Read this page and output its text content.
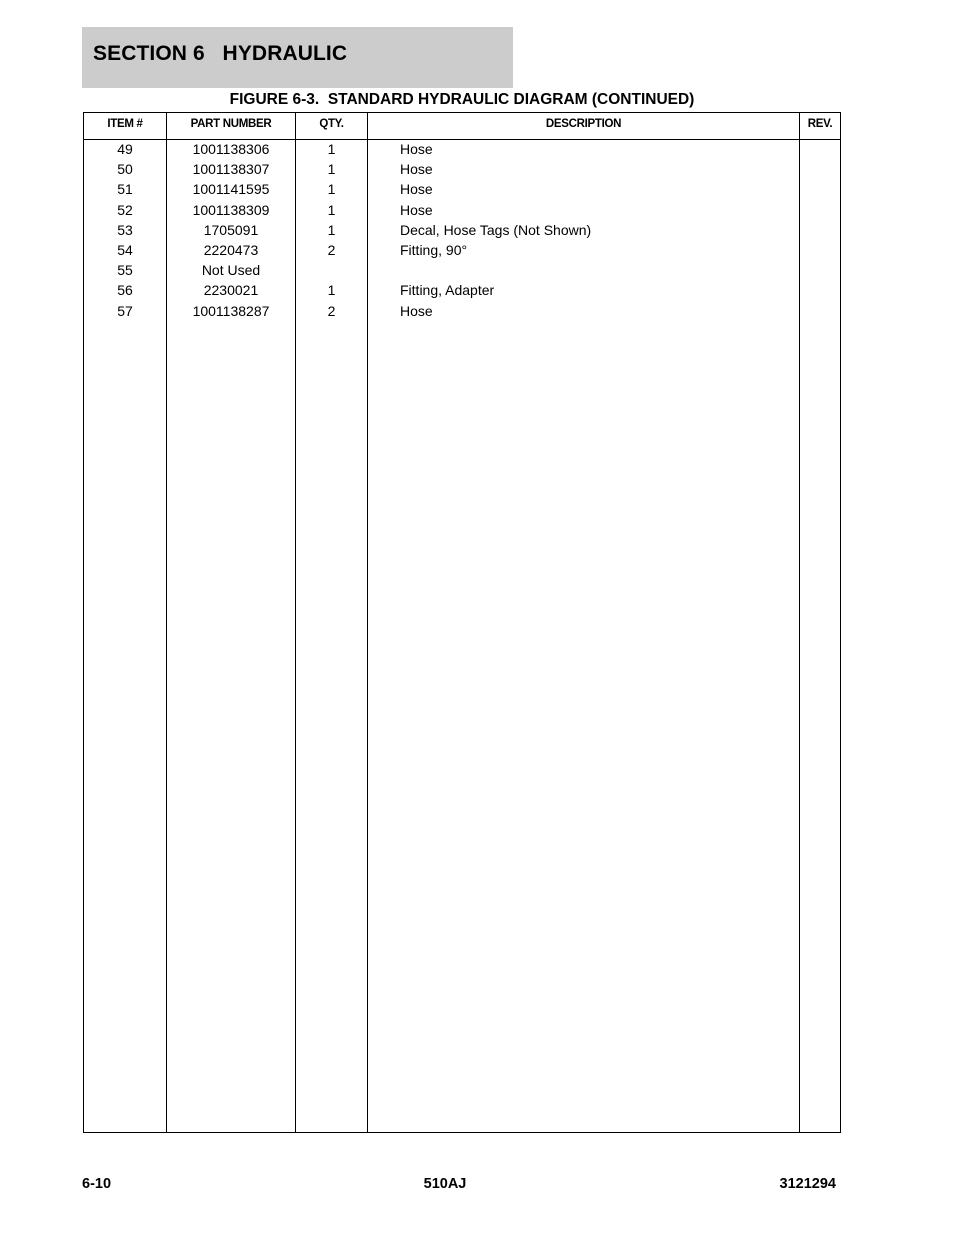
SECTION 6   HYDRAULIC
FIGURE 6-3.  STANDARD HYDRAULIC DIAGRAM (CONTINUED)
ITEM #	PART NUMBER	QTY.	DESCRIPTION	REV.
49	1001138306	1	Hose
50	1001138307	1	Hose
51	1001141595	1	Hose
52	1001138309	1	Hose
53	1705091	1	Decal, Hose Tags (Not Shown)
54	2220473	2	Fitting, 90°
55	Not Used
56	2230021	1	Fitting, Adapter
57	1001138287	2	Hose
6-10	510AJ	3121294
